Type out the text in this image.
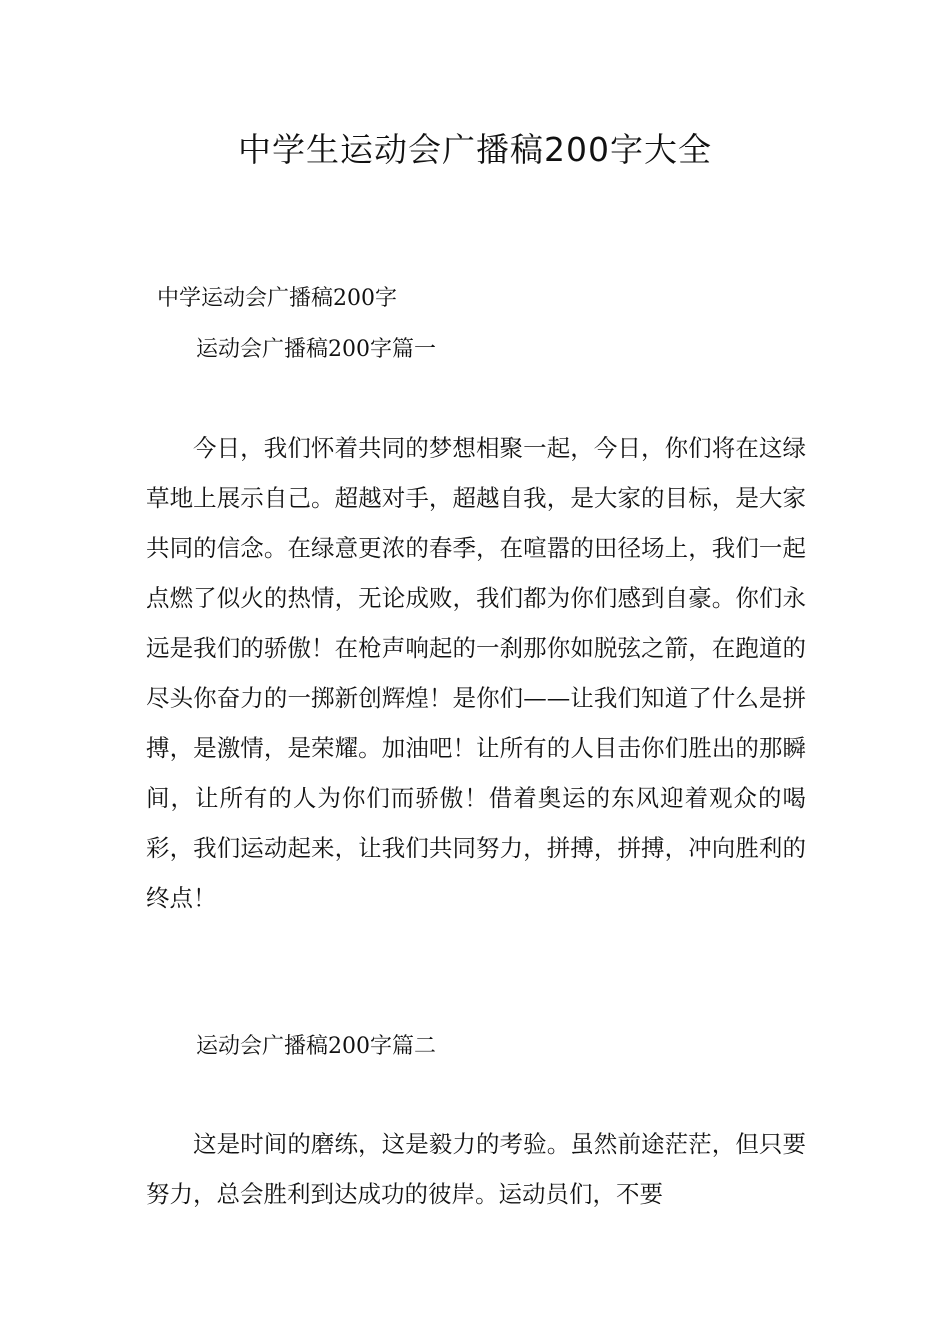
中学生运动会广播稿200字大全

中学运动会广播稿200字

运动会广播稿200字篇一

今日，我们怀着共同的梦想相聚一起，今日，你们将在这绿草地上展示自己。超越对手，超越自我，是大家的目标，是大家共同的信念。在绿意更浓的春季，在喧嚣的田径场上，我们一起点燃了似火的热情，无论成败，我们都为你们感到自豪。你们永远是我们的骄傲！在枪声响起的一刹那你如脱弦之箭，在跑道的尽头你奋力的一掷新创辉煌！是你们——让我们知道了什么是拼搏，是激情，是荣耀。加油吧！让所有的人目击你们胜出的那瞬间，让所有的人为你们而骄傲！借着奥运的东风迎着观众的喝彩，我们运动起来，让我们共同努力，拼搏，拼搏，冲向胜利的终点！

运动会广播稿200字篇二

这是时间的磨练，这是毅力的考验。虽然前途茫茫，但只要努力，总会胜利到达成功的彼岸。运动员们，不要
